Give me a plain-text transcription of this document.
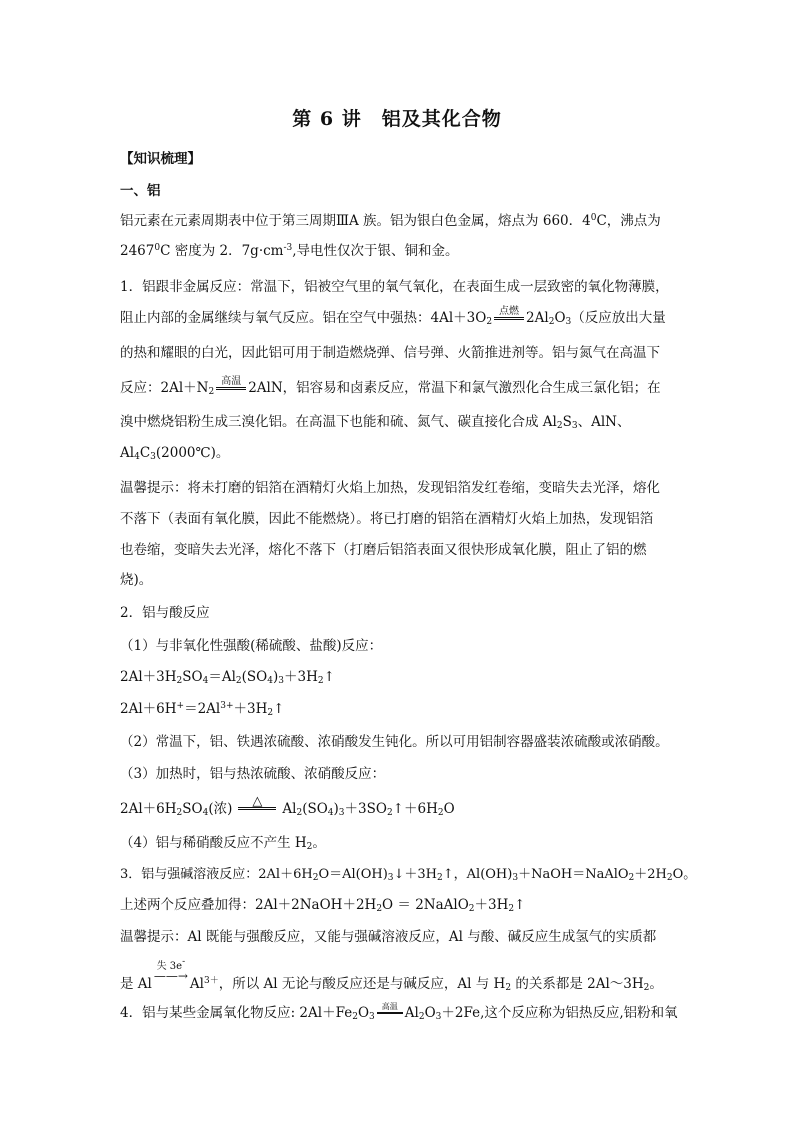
第 6 讲　铝及其化合物
【知识梳理】
一、铝
铝元素在元素周期表中位于第三周期ⅢA 族。铝为银白色金属，熔点为 660．$4^0C$，沸点为
2467$^0$C 密度为 2．$7g\cdot cm^{-3}$,导电性仅次于银、铜和金。
1．铝跟非金属反应：常温下，铝被空气里的氧气氧化，在表面生成一层致密的氧化物薄膜，
阻止内部的金属继续与氧气反应。铝在空气中强热：$4Al+3O_2$点燃 $2Al_2O_3$（反应放出大量
的热和耀眼的白光，因此铝可用于制造燃烧弹、信号弹、火箭推进剂等。铝与氮气在高温下
反应：$2Al+N_2$高温 2AlN，铝容易和卤素反应，常温下和氯气激烈化合生成三氯化铝；在
溴中燃烧铝粉生成三溴化铝。在高温下也能和硫、氮气、碳直接化合成 $Al_2S_3$、AlN、
$Al_4C_3(2000℃)$。
温馨提示：将未打磨的铝箔在酒精灯火焰上加热，发现铝箔发红卷缩，变暗失去光泽，熔化
不落下（表面有氧化膜，因此不能燃烧）。将已打磨的铝箔在酒精灯火焰上加热，发现铝箔
也卷缩，变暗失去光泽，熔化不落下（打磨后铝箔表面又很快形成氧化膜，阻止了铝的燃
烧)。
2．铝与酸反应
（1）与非氧化性强酸(稀硫酸、盐酸)反应：
$2Al+3H_2SO_4=Al_2(SO_4)_3+3H_2↑$
$2Al+6H^+=2Al^{3+}+3H_2↑$
（2）常温下，铝、铁遇浓硫酸、浓硝酸发生钝化。所以可用铝制容器盛装浓硫酸或浓硝酸。
（3）加热时，铝与热浓硫酸、浓硝酸反应：
$2Al+6H_2SO_4$(浓) △ $Al_2(SO_4)_3+3SO_2↑+6H_2O$
（4）铝与稀硝酸反应不产生 $H_2$。
3．铝与强碱溶液反应：$2Al+6H_2O=Al(OH)_3↓+3H_2↑$，$Al(OH)_3+NaOH=NaAlO_2+2H_2O$。
上述两个反应叠加得：$2Al+2NaOH+2H_2O$ ＝ $2NaAlO_2+3H_2↑$
温馨提示：Al 既能与强酸反应，又能与强碱溶液反应，Al 与酸、碱反应生成氢气的实质都
是 Al失 3e-
——→ $Al^{3+}$，所以 Al 无论与酸反应还是与碱反应，Al 与 $H_2$ 的关系都是 $2Al\sim 3H_2$。
4．铝与某些金属氧化物反应: $2Al+Fe_2O_3$高温 $Al_2O_3+2Fe$,这个反应称为铝热反应,铝粉和氧
